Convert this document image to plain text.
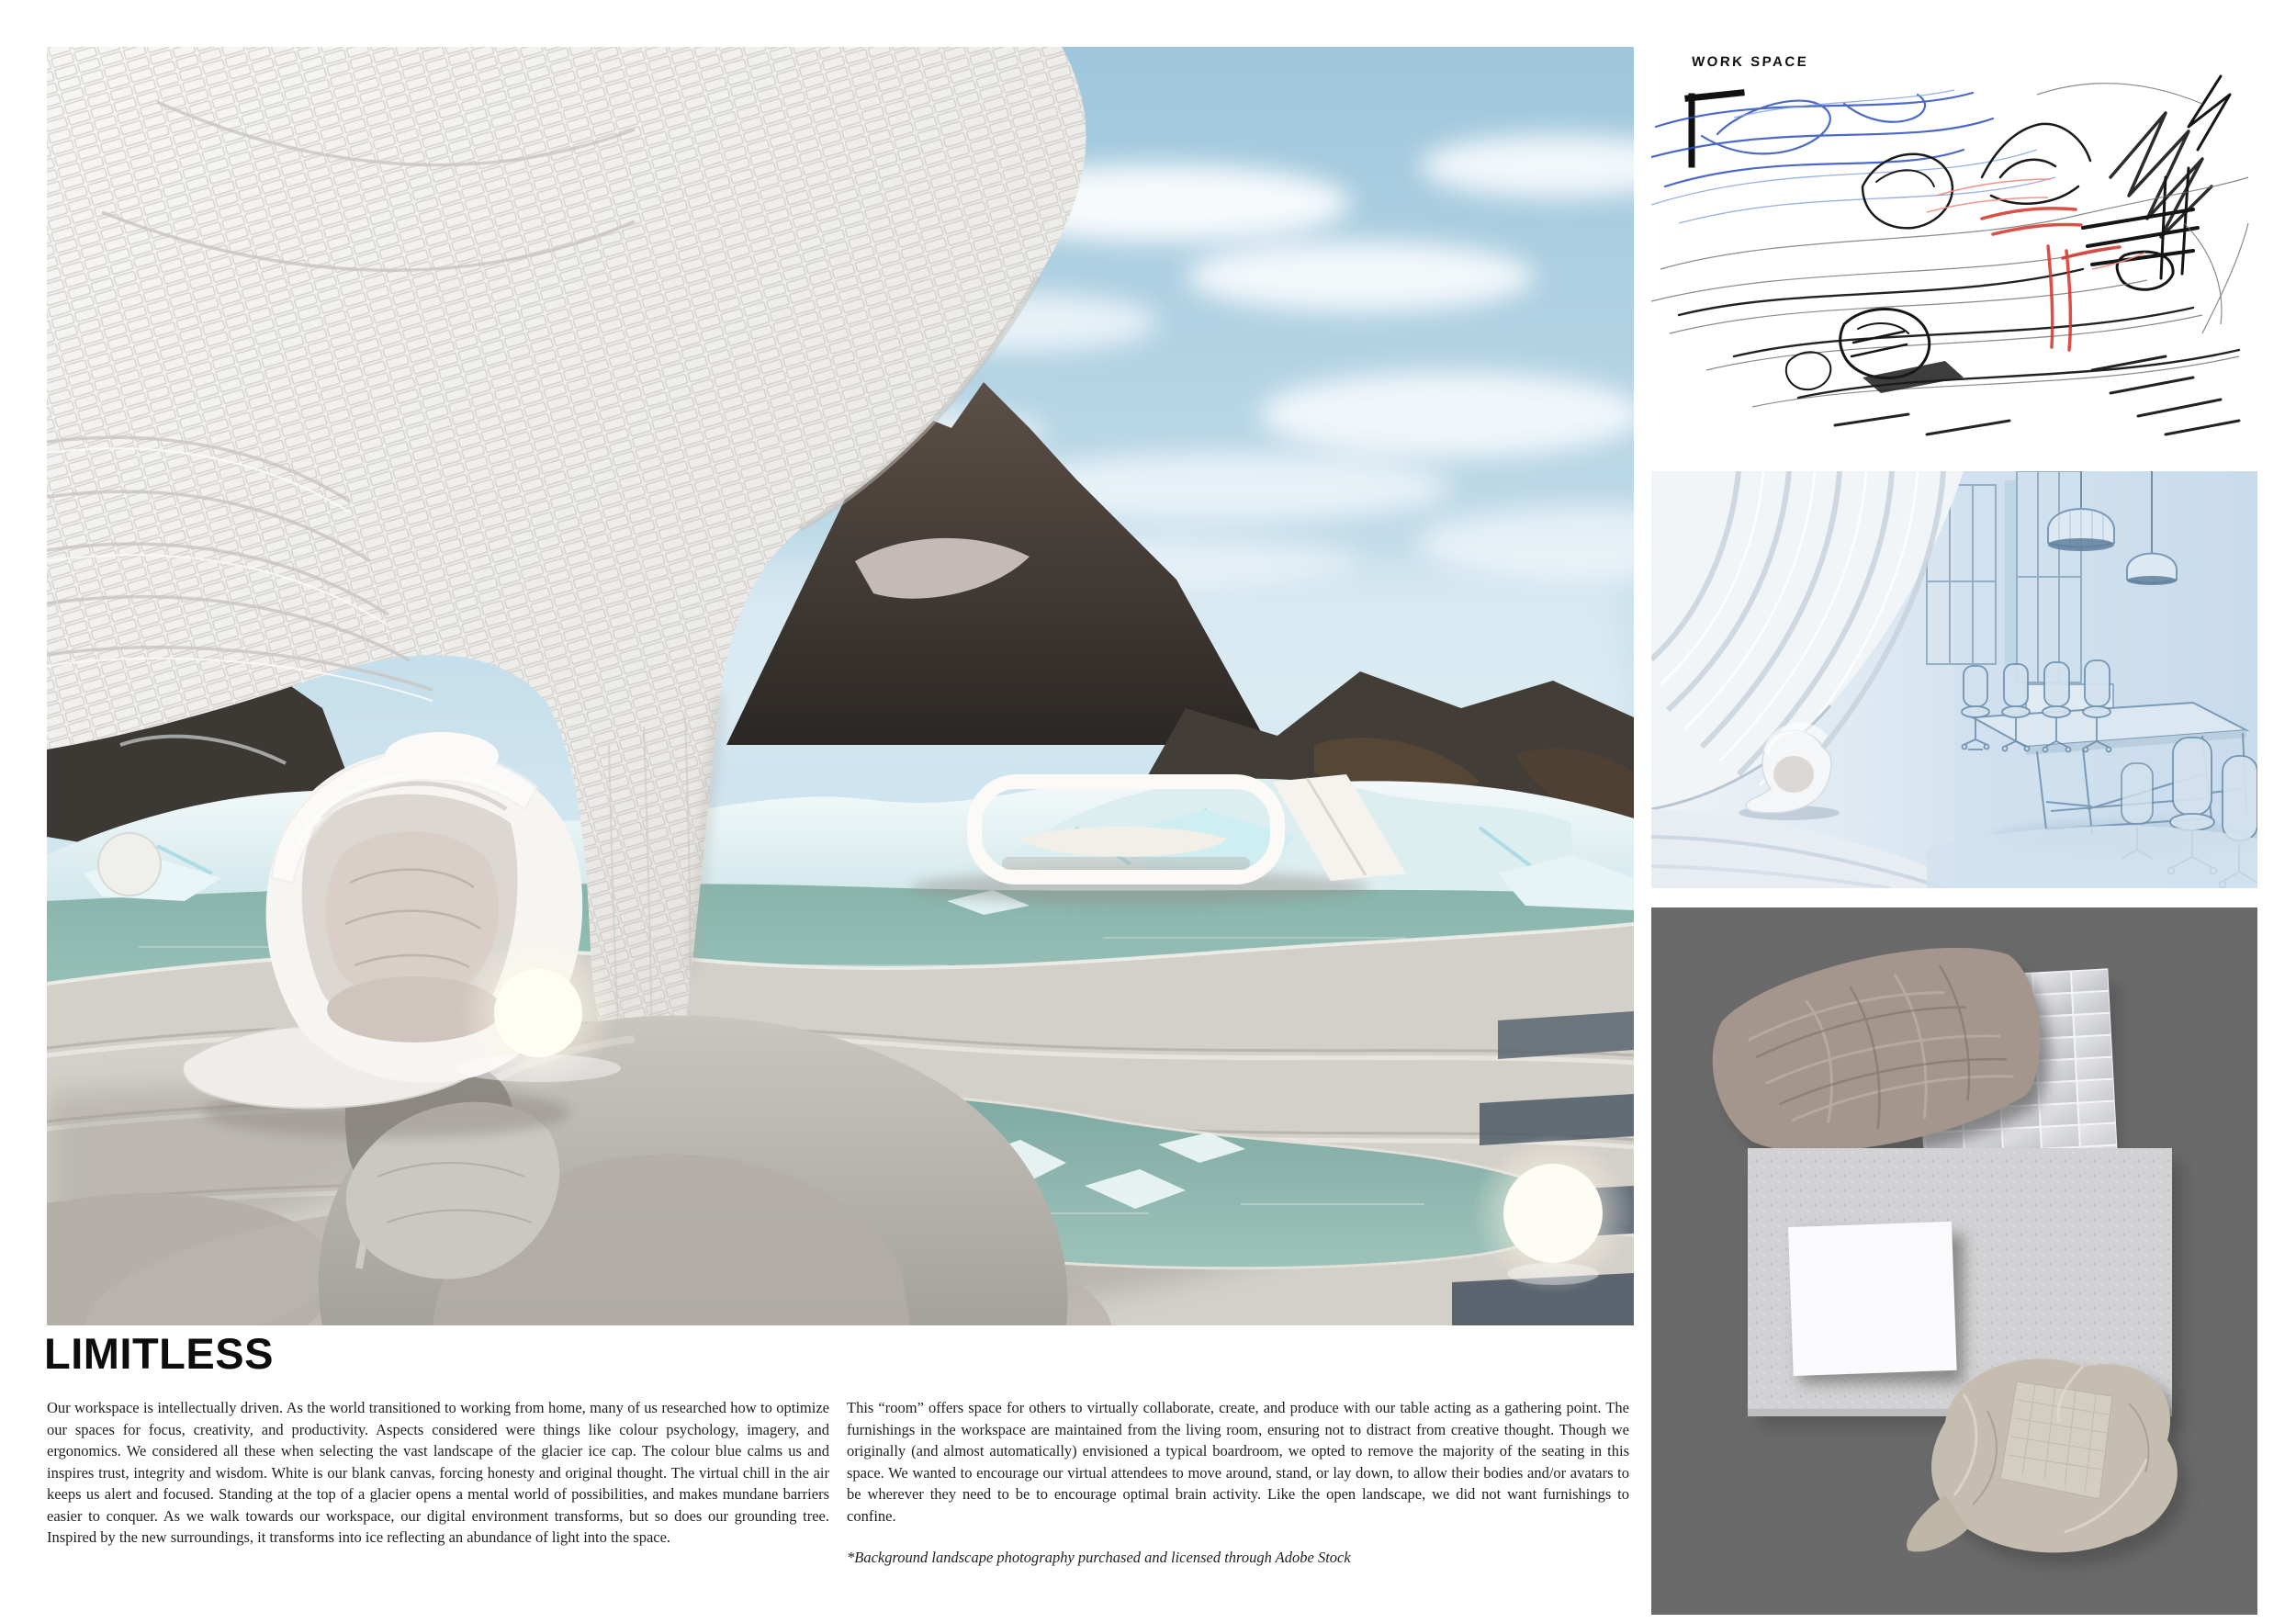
WORK SPACE
LIMITLESS

Our workspace is intellectually driven. As the world transitioned to working from home, many of us researched how to optimize our spaces for focus, creativity, and productivity. Aspects considered were things like colour psychology, imagery, and ergonomics. We considered all these when selecting the vast landscape of the glacier ice cap. The colour blue calms us and inspires trust, integrity and wisdom. White is our blank canvas, forcing honesty and original thought. The virtual chill in the air keeps us alert and focused. Standing at the top of a glacier opens a mental world of possibilities, and makes mundane barriers easier to conquer. As we walk towards our workspace, our digital environment transforms, but so does our grounding tree. Inspired by the new surroundings, it transforms into ice reflecting an abundance of light into the space.

This “room” offers space for others to virtually collaborate, create, and produce with our table acting as a gathering point. The furnishings in the workspace are maintained from the living room, ensuring not to distract from creative thought. Though we originally (and almost automatically) envisioned a typical boardroom, we opted to remove the majority of the seating in this space. We wanted to encourage our virtual attendees to move around, stand, or lay down, to allow their bodies and/or avatars to be wherever they need to be to encourage optimal brain activity. Like the open landscape, we did not want furnishings to confine.

*Background landscape photography purchased and licensed through Adobe Stock
